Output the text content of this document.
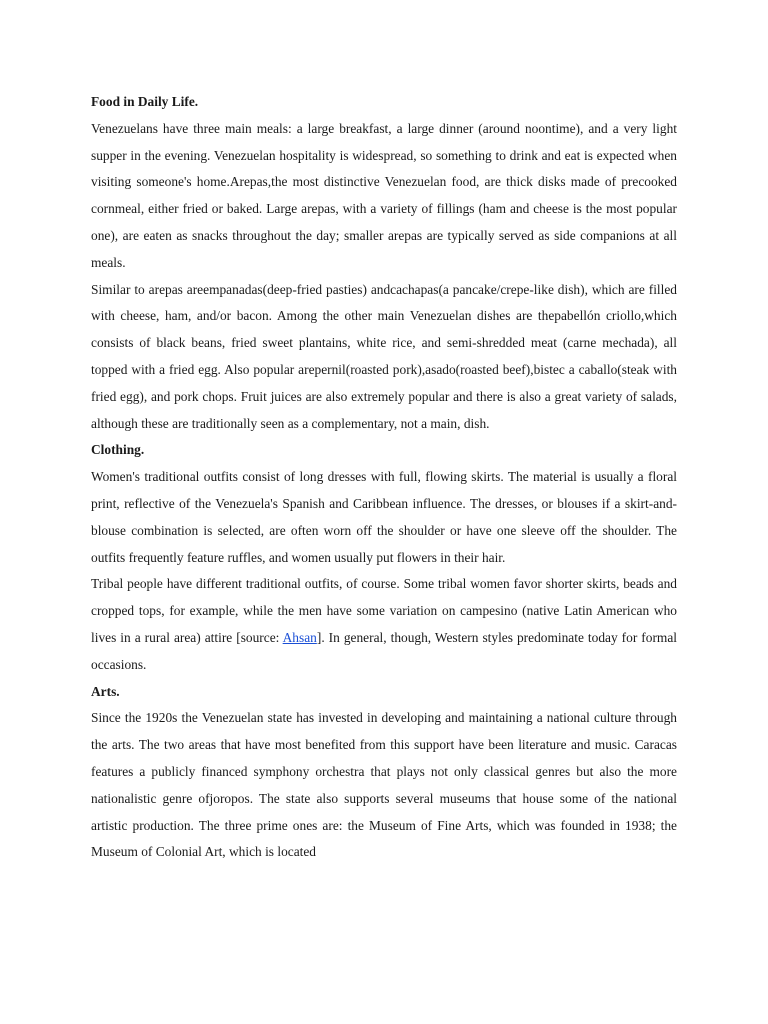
Food in Daily Life.

Venezuelans have three main meals: a large breakfast, a large dinner (around noontime), and a very light supper in the evening. Venezuelan hospitality is widespread, so something to drink and eat is expected when visiting someone's home.Arepas,the most distinctive Venezuelan food, are thick disks made of precooked cornmeal, either fried or baked. Large arepas, with a variety of fillings (ham and cheese is the most popular one), are eaten as snacks throughout the day; smaller arepas are typically served as side companions at all meals.

Similar to arepas areempanadas(deep-fried pasties) andcachapas(a pancake/crepe-like dish), which are filled with cheese, ham, and/or bacon. Among the other main Venezuelan dishes are thepabellón criollo,which consists of black beans, fried sweet plantains, white rice, and semi-shredded meat (carne mechada), all topped with a fried egg. Also popular arepernil(roasted pork),asado(roasted beef),bistec a caballo(steak with fried egg), and pork chops. Fruit juices are also extremely popular and there is also a great variety of salads, although these are traditionally seen as a complementary, not a main, dish.

Clothing.

Women's traditional outfits consist of long dresses with full, flowing skirts. The material is usually a floral print, reflective of the Venezuela's Spanish and Caribbean influence. The dresses, or blouses if a skirt-and-blouse combination is selected, are often worn off the shoulder or have one sleeve off the shoulder. The outfits frequently feature ruffles, and women usually put flowers in their hair.

Tribal people have different traditional outfits, of course. Some tribal women favor shorter skirts, beads and cropped tops, for example, while the men have some variation on campesino (native Latin American who lives in a rural area) attire [source: Ahsan]. In general, though, Western styles predominate today for formal occasions.

Arts.

Since the 1920s the Venezuelan state has invested in developing and maintaining a national culture through the arts. The two areas that have most benefited from this support have been literature and music. Caracas features a publicly financed symphony orchestra that plays not only classical genres but also the more nationalistic genre ofjoropos. The state also supports several museums that house some of the national artistic production. The three prime ones are: the Museum of Fine Arts, which was founded in 1938; the Museum of Colonial Art, which is located
